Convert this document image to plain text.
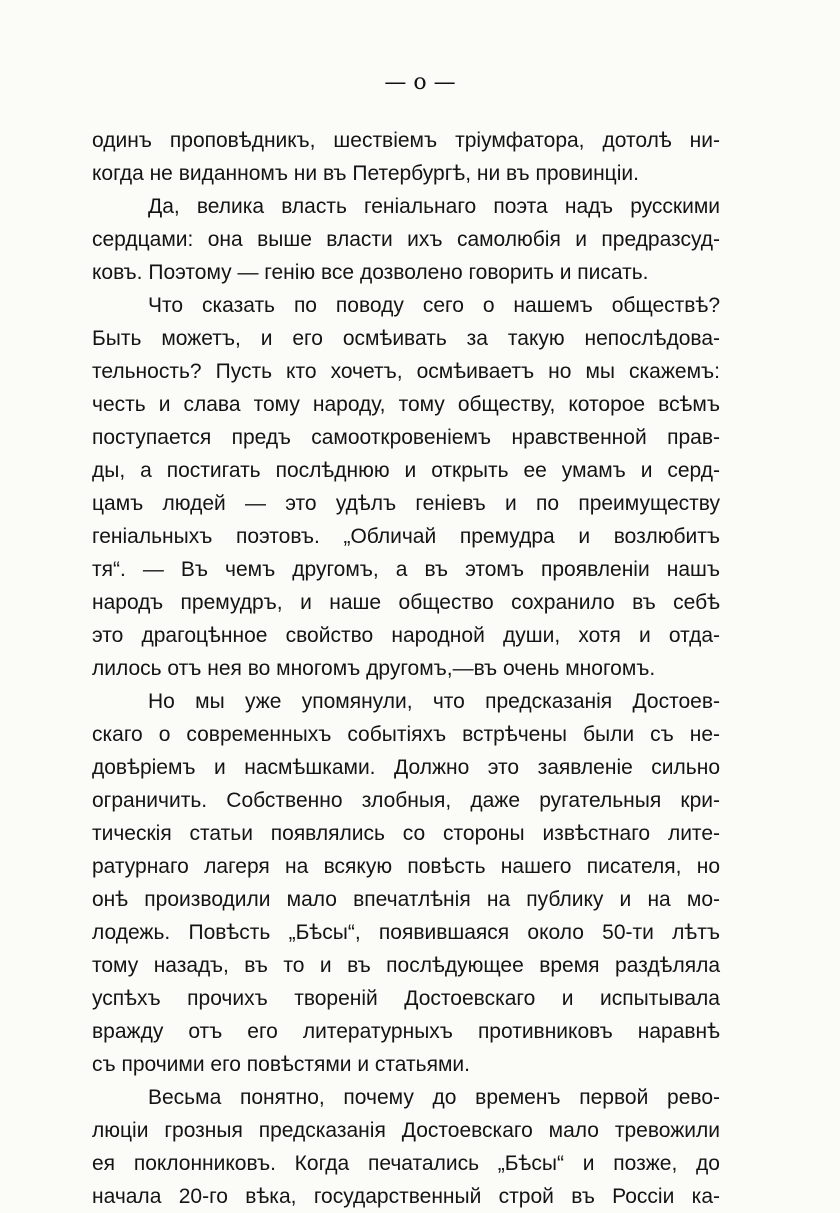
— о —
одинъ проповѣдникъ, шествіемъ тріумфатора, дотолѣ ни-
когда не виданномъ ни въ Петербургѣ, ни въ провинціи.
Да, велика власть геніальнаго поэта надъ русскими
сердцами: она выше власти ихъ самолюбія и предразсуд-
ковъ. Поэтому — генію все дозволено говорить и писать.
Что сказать по поводу сего о нашемъ обществѣ?
Быть можетъ, и его осмѣивать за такую непослѣдова-
тельность? Пусть кто хочетъ, осмѣиваетъ но мы скажемъ:
честь и слава тому народу, тому обществу, которое всѣмъ
поступается предъ самооткровеніемъ нравственной прав-
ды, а постигать послѣднюю и открыть ее умамъ и серд-
цамъ людей — это удѣлъ геніевъ и по преимуществу
геніальныхъ поэтовъ. „Обличай премудра и возлюбитъ
тя“. — Въ чемъ другомъ, а въ этомъ проявленіи нашъ
народъ премудръ, и наше общество сохранило въ себѣ
это драгоцѣнное свойство народной души, хотя и отда-
лилось отъ нея во многомъ другомъ,—въ очень многомъ.
Но мы уже упомянули, что предсказанія Достоев-
скаго о современныхъ событіяхъ встрѣчены были съ не-
довѣріемъ и насмѣшками. Должно это заявленіе сильно
ограничить. Собственно злобныя, даже ругательныя кри-
тическія статьи появлялись со стороны извѣстнаго лите-
ратурнаго лагеря на всякую повѣсть нашего писателя, но
онѣ производили мало впечатлѣнія на публику и на мо-
лодежь. Повѣсть „Бѣсы“, появившаяся около 50-ти лѣтъ
тому назадъ, въ то и въ послѣдующее время раздѣляла
успѣхъ прочихъ твореній Достоевскаго и испытывала
вражду отъ его литературныхъ противниковъ наравнѣ
съ прочими его повѣстями и статьями.
Весьма понятно, почему до временъ первой рево-
люціи грозныя предсказанія Достоевскаго мало тревожили
ея поклонниковъ. Когда печатались „Бѣсы“ и позже, до
начала 20-го вѣка, государственный строй въ Россіи ка-
